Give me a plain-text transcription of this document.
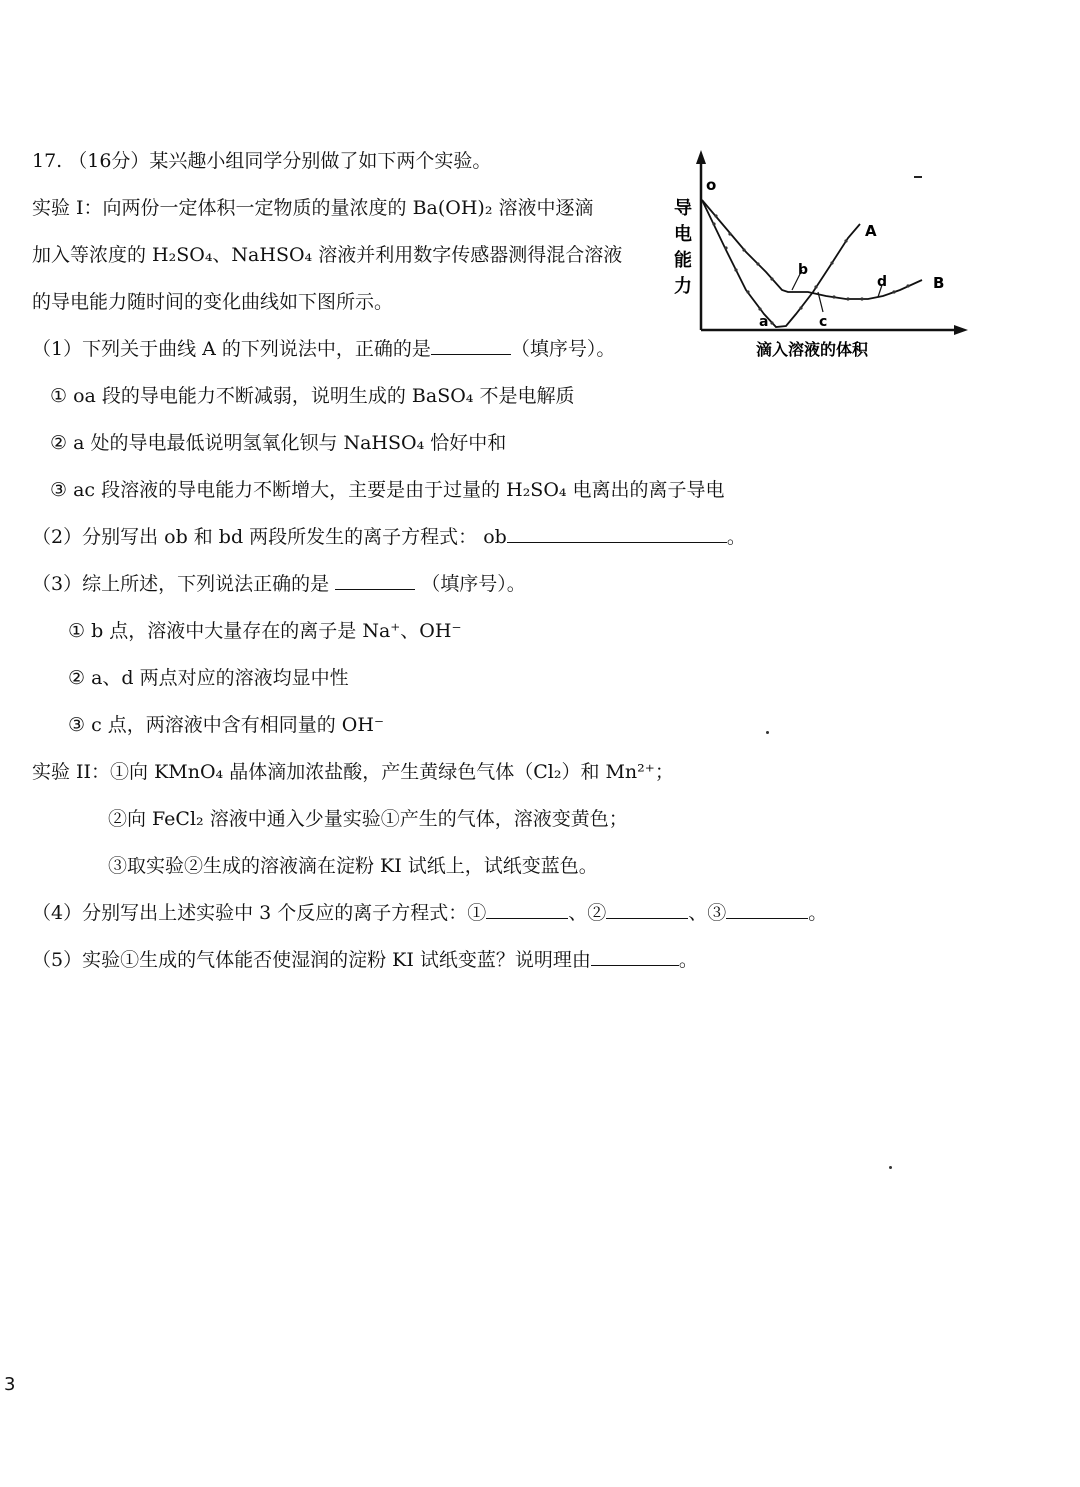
17. （16分）某兴趣小组同学分别做了如下两个实验。
实验 I：向两份一定体积一定物质的量浓度的 Ba(OH)₂ 溶液中逐滴
加入等浓度的 H₂SO₄、NaHSO₄ 溶液并利用数字传感器测得混合溶液
的导电能力随时间的变化曲线如下图所示。
（1）下列关于曲线 A 的下列说法中，正确的是	（填序号）。
① oa 段的导电能力不断减弱，说明生成的 BaSO₄ 不是电解质
② a 处的导电最低说明氢氧化钡与 NaHSO₄ 恰好中和
③ ac 段溶液的导电能力不断增大，主要是由于过量的 H₂SO₄ 电离出的离子导电
（2）分别写出 ob 和 bd 两段所发生的离子方程式： ob	。
（3）综上所述，下列说法正确的是	（填序号）。
① b 点，溶液中大量存在的离子是 Na⁺、OH⁻
② a、d 两点对应的溶液均显中性
③ c 点，两溶液中含有相同量的 OH⁻
实验 II：①向 KMnO₄ 晶体滴加浓盐酸，产生黄绿色气体（Cl₂）和 Mn²⁺；
②向 FeCl₂ 溶液中通入少量实验①产生的气体，溶液变黄色；
③取实验②生成的溶液滴在淀粉 KI 试纸上，试纸变蓝色。
（4）分别写出上述实验中 3 个反应的离子方程式：①	、②	、③	。
（5）实验①生成的气体能否使湿润的淀粉 KI 试纸变蓝？说明理由	。
o
导
电
能
力
A
B
a
b
c
d
滴入溶液的体积
3
